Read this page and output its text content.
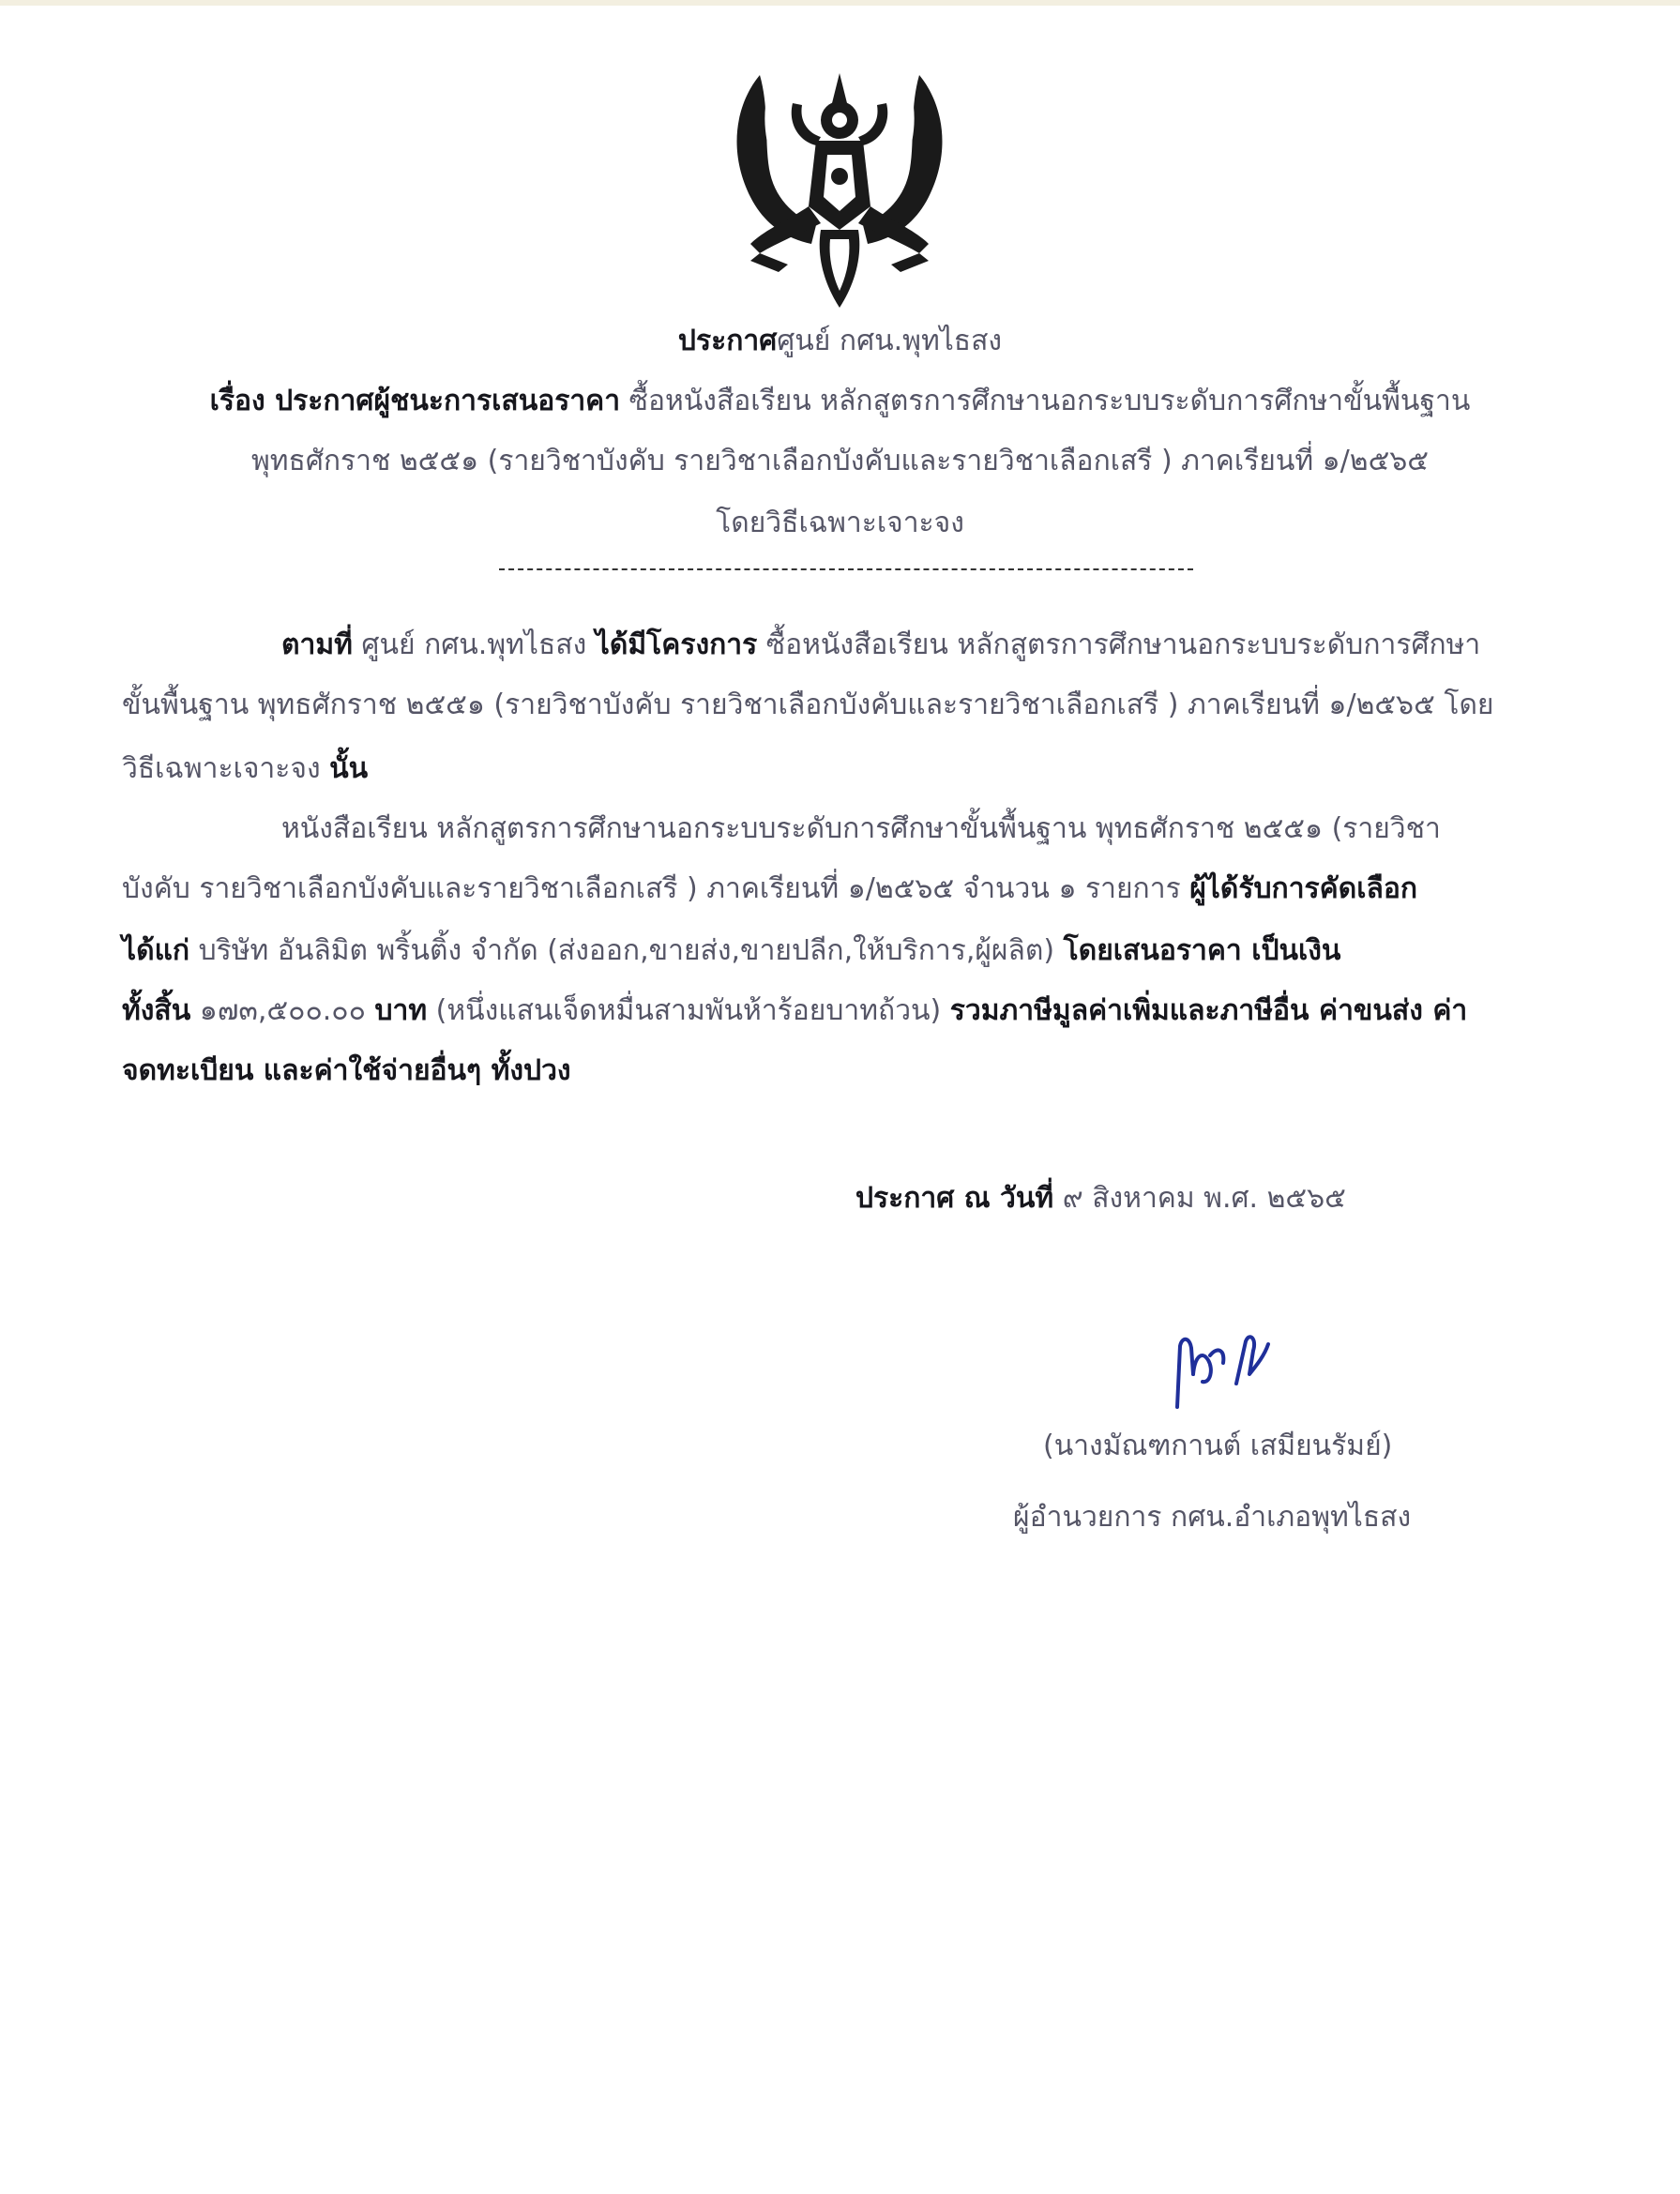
ประกาศศูนย์ กศน.พุทไธสง
เรื่อง ประกาศผู้ชนะการเสนอราคา ซื้อหนังสือเรียน หลักสูตรการศึกษานอกระบบระดับการศึกษาขั้นพื้นฐาน
พุทธศักราช ๒๕๕๑ (รายวิชาบังคับ รายวิชาเลือกบังคับและรายวิชาเลือกเสรี ) ภาคเรียนที่ ๑/๒๕๖๕
โดยวิธีเฉพาะเจาะจง
ตามที่ ศูนย์ กศน.พุทไธสง ได้มีโครงการ ซื้อหนังสือเรียน หลักสูตรการศึกษานอกระบบระดับการศึกษา
ขั้นพื้นฐาน พุทธศักราช ๒๕๕๑ (รายวิชาบังคับ รายวิชาเลือกบังคับและรายวิชาเลือกเสรี ) ภาคเรียนที่ ๑/๒๕๖๕ โดย
วิธีเฉพาะเจาะจง นั้น
หนังสือเรียน หลักสูตรการศึกษานอกระบบระดับการศึกษาขั้นพื้นฐาน พุทธศักราช ๒๕๕๑ (รายวิชา
บังคับ รายวิชาเลือกบังคับและรายวิชาเลือกเสรี ) ภาคเรียนที่ ๑/๒๕๖๕ จำนวน ๑ รายการ ผู้ได้รับการคัดเลือก
ได้แก่ บริษัท อันลิมิต พริ้นติ้ง จำกัด (ส่งออก,ขายส่ง,ขายปลีก,ให้บริการ,ผู้ผลิต) โดยเสนอราคา เป็นเงิน
ทั้งสิ้น ๑๗๓,๕๐๐.๐๐ บาท (หนึ่งแสนเจ็ดหมื่นสามพันห้าร้อยบาทถ้วน) รวมภาษีมูลค่าเพิ่มและภาษีอื่น ค่าขนส่ง ค่า
จดทะเบียน และค่าใช้จ่ายอื่นๆ ทั้งปวง
ประกาศ ณ วันที่ ๙ สิงหาคม พ.ศ. ๒๕๖๕
(นางมัณฑกานต์ เสมียนรัมย์)
ผู้อำนวยการ กศน.อำเภอพุทไธสง
